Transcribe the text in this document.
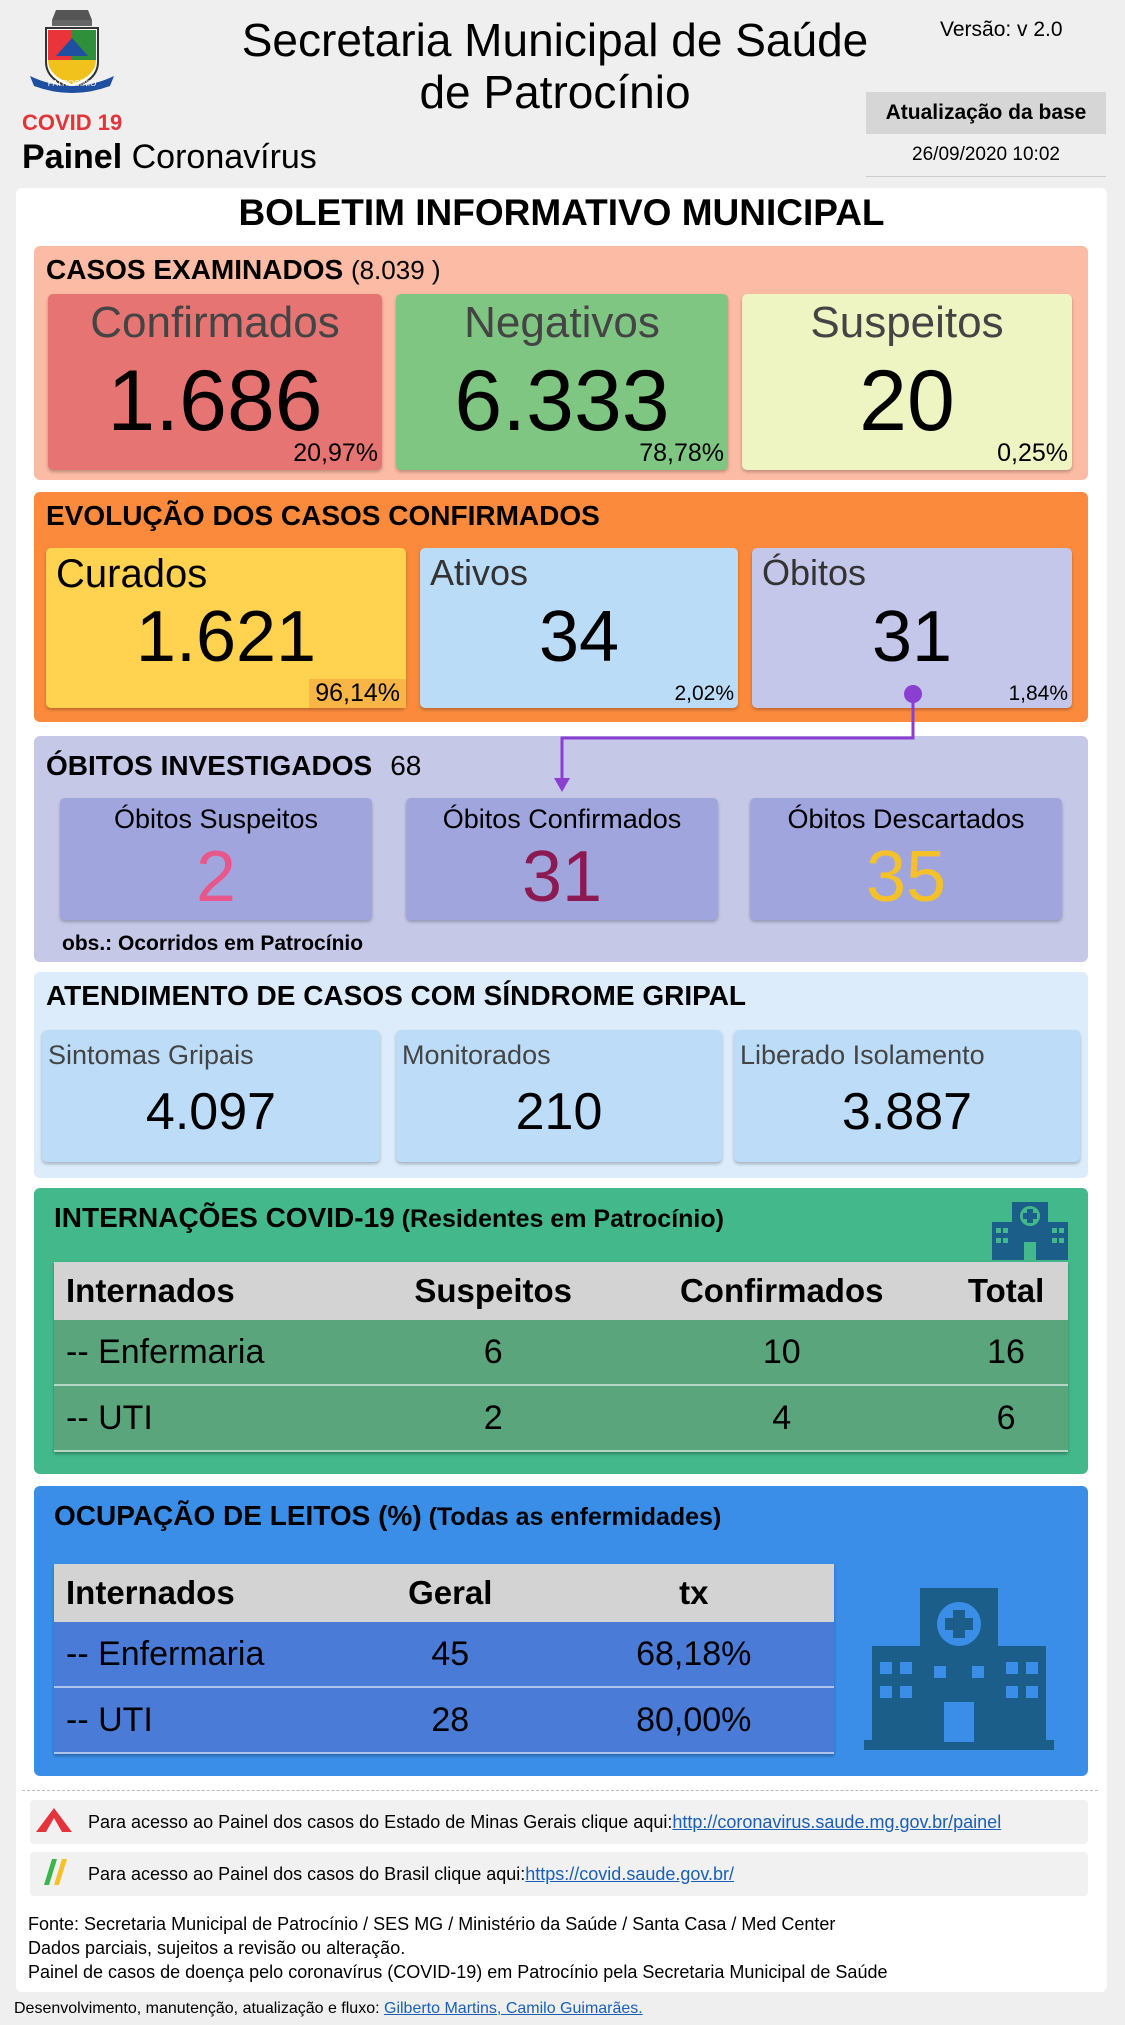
PATROCÍNIO
COVID 19
Painel Coronavírus
Secretaria Municipal de Saúde
de Patrocínio
Versão: v 2.0
Atualização da base
26/09/2020 10:02
BOLETIM INFORMATIVO MUNICIPAL
CASOS EXAMINADOS (8.039 )
Confirmados
1.686
20,97%
Negativos
6.333
78,78%
Suspeitos
20
0,25%
EVOLUÇÃO DOS CASOS CONFIRMADOS
Curados
1.621
96,14%
Ativos
34
2,02%
Óbitos
31
1,84%
ÓBITOS INVESTIGADOS 68
Óbitos Suspeitos
2
Óbitos Confirmados
31
Óbitos Descartados
35
obs.: Ocorridos em Patrocínio
ATENDIMENTO DE CASOS COM SÍNDROME GRIPAL
Sintomas Gripais
4.097
Monitorados
210
Liberado Isolamento
3.887
INTERNAÇÕES COVID-19 (Residentes em Patrocínio)
Internados	Suspeitos	Confirmados	Total
-- Enfermaria	6	10	16
-- UTI	2	4	6
OCUPAÇÃO DE LEITOS (%) (Todas as enfermidades)
Internados	Geral	tx
-- Enfermaria	45	68,18%
-- UTI	28	80,00%
Para acesso ao Painel dos casos do Estado de Minas Gerais clique aqui: http://coronavirus.saude.mg.gov.br/painel
Para acesso ao Painel dos casos do Brasil clique aqui: https://covid.saude.gov.br/
Fonte: Secretaria Municipal de Patrocínio / SES MG / Ministério da Saúde / Santa Casa / Med Center
Dados parciais, sujeitos a revisão ou alteração.
Painel de casos de doença pelo coronavírus (COVID-19) em Patrocínio pela Secretaria Municipal de Saúde
Desenvolvimento, manutenção, atualização e fluxo: Gilberto Martins, Camilo Guimarães.
